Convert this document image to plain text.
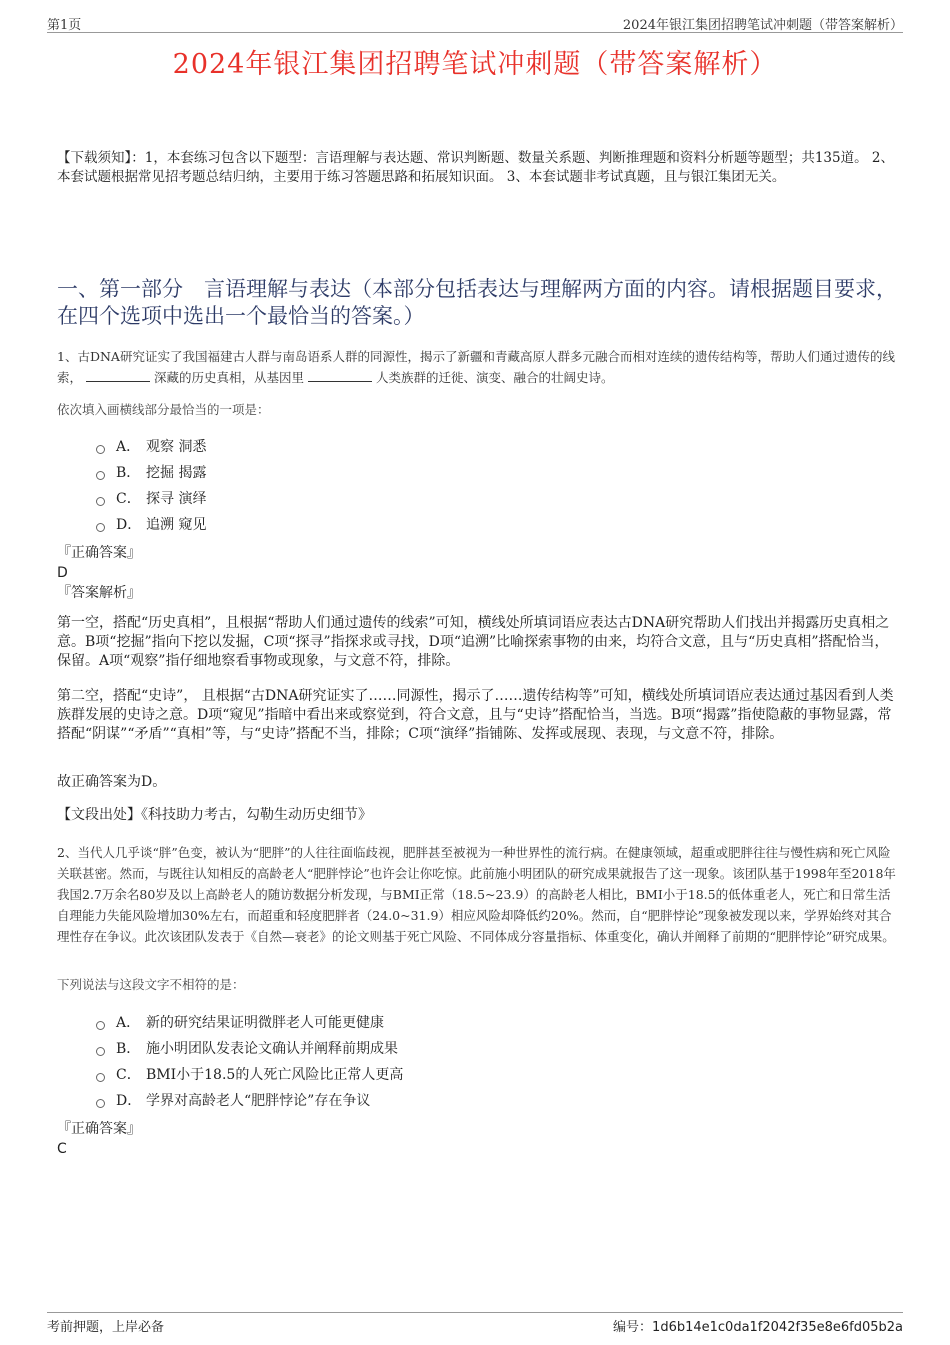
第1页	2024年银江集团招聘笔试冲刺题（带答案解析）
2024年银江集团招聘笔试冲刺题（带答案解析）
【下载须知】：1，本套练习包含以下题型：言语理解与表达题、常识判断题、数量关系题、判断推理题和资料分析题等题型；共135道。 2、本套试题根据常见招考题总结归纳，主要用于练习答题思路和拓展知识面。 3、本套试题非考试真题，且与银江集团无关。
一、第一部分　言语理解与表达（本部分包括表达与理解两方面的内容。请根据题目要求，在四个选项中选出一个最恰当的答案。）
1、古DNA研究证实了我国福建古人群与南岛语系人群的同源性，揭示了新疆和青藏高原人群多元融合而相对连续的遗传结构等，帮助人们通过遗传的线索，	深藏的历史真相，从基因里	人类族群的迁徙、演变、融合的壮阔史诗。
依次填入画横线部分最恰当的一项是：
A． 观察 洞悉
B． 挖掘 揭露
C． 探寻 演绎
D． 追溯 窥见
『正确答案』
D
『答案解析』
第一空，搭配“历史真相”，且根据“帮助人们通过遗传的线索”可知，横线处所填词语应表达古DNA研究帮助人们找出并揭露历史真相之意。B项“挖掘”指向下挖以发掘，C项“探寻”指探求或寻找，D项“追溯”比喻探索事物的由来，均符合文意，且与“历史真相”搭配恰当，保留。A项“观察”指仔细地察看事物或现象，与文意不符，排除。
第二空，搭配“史诗”， 且根据“古DNA研究证实了……同源性，揭示了……遗传结构等”可知，横线处所填词语应表达通过基因看到人类族群发展的史诗之意。D项“窥见”指暗中看出来或察觉到，符合文意，且与“史诗”搭配恰当，当选。B项“揭露”指使隐蔽的事物显露，常搭配“阴谋”“矛盾”“真相”等，与“史诗”搭配不当，排除；C项“演绎”指铺陈、发挥或展现、表现，与文意不符，排除。
故正确答案为D。
【文段出处】《科技助力考古，勾勒生动历史细节》
2、当代人几乎谈“胖”色变，被认为“肥胖”的人往往面临歧视，肥胖甚至被视为一种世界性的流行病。在健康领域，超重或肥胖往往与慢性病和死亡风险关联甚密。然而，与既往认知相反的高龄老人“肥胖悖论”也许会让你吃惊。此前施小明团队的研究成果就报告了这一现象。该团队基于1998年至2018年我国2.7万余名80岁及以上高龄老人的随访数据分析发现，与BMI正常（18.5~23.9）的高龄老人相比，BMI小于18.5的低体重老人，死亡和日常生活自理能力失能风险增加30%左右，而超重和轻度肥胖者（24.0~31.9）相应风险却降低约20%。然而，自“肥胖悖论”现象被发现以来，学界始终对其合理性存在争议。此次该团队发表于《自然—衰老》的论文则基于死亡风险、不同体成分容量指标、体重变化，确认并阐释了前期的“肥胖悖论”研究成果。
下列说法与这段文字不相符的是：
A． 新的研究结果证明微胖老人可能更健康
B． 施小明团队发表论文确认并阐释前期成果
C． BMI小于18.5的人死亡风险比正常人更高
D． 学界对高龄老人“肥胖悖论”存在争议
『正确答案』
C
考前押题，上岸必备	编号：1d6b14e1c0da1f2042f35e8e6fd05b2a
